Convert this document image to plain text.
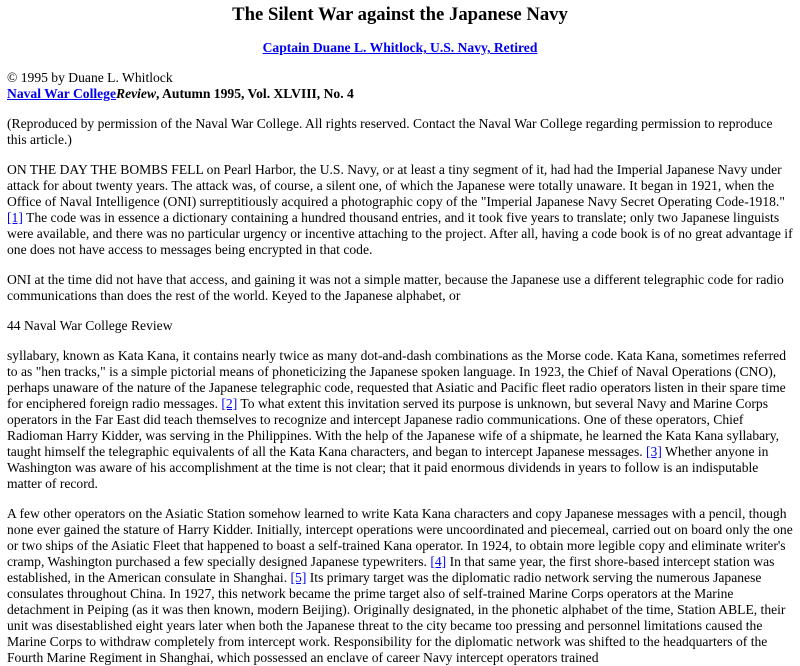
The Silent War against the Japanese Navy
Captain Duane L. Whitlock, U.S. Navy, Retired
© 1995 by Duane L. Whitlock
Naval War CollegeReview, Autumn 1995, Vol. XLVIII, No. 4

(Reproduced by permission of the Naval War College. All rights reserved. Contact the Naval War College regarding permission to reproduce this article.)

ON THE DAY THE BOMBS FELL on Pearl Harbor, the U.S. Navy, or at least a tiny segment of it, had had the Imperial Japanese Navy under attack for about twenty years. The attack was, of course, a silent one, of which the Japanese were totally unaware. It began in 1921, when the Office of Naval Intelligence (ONI) surreptitiously acquired a photographic copy of the "Imperial Japanese Navy Secret Operating Code-1918." [1] The code was in essence a dictionary containing a hundred thousand entries, and it took five years to translate; only two Japanese linguists were available, and there was no particular urgency or incentive attaching to the project. After all, having a code book is of no great advantage if one does not have access to messages being encrypted in that code.

ONI at the time did not have that access, and gaining it was not a simple matter, because the Japanese use a different telegraphic code for radio communications than does the rest of the world. Keyed to the Japanese alphabet, or

44 Naval War College Review

syllabary, known as Kata Kana, it contains nearly twice as many dot-and-dash combinations as the Morse code. Kata Kana, sometimes referred to as "hen tracks," is a simple pictorial means of phoneticizing the Japanese spoken language. In 1923, the Chief of Naval Operations (CNO), perhaps unaware of the nature of the Japanese telegraphic code, requested that Asiatic and Pacific fleet radio operators listen in their spare time for enciphered foreign radio messages. [2] To what extent this invitation served its purpose is unknown, but several Navy and Marine Corps operators in the Far East did teach themselves to recognize and intercept Japanese radio communications. One of these operators, Chief Radioman Harry Kidder, was serving in the Philippines. With the help of the Japanese wife of a shipmate, he learned the Kata Kana syllabary, taught himself the telegraphic equivalents of all the Kata Kana characters, and began to intercept Japanese messages. [3] Whether anyone in Washington was aware of his accomplishment at the time is not clear; that it paid enormous dividends in years to follow is an indisputable matter of record.

A few other operators on the Asiatic Station somehow learned to write Kata Kana characters and copy Japanese messages with a pencil, though none ever gained the stature of Harry Kidder. Initially, intercept operations were uncoordinated and piecemeal, carried out on board only the one or two ships of the Asiatic Fleet that happened to boast a self-trained Kana operator. In 1924, to obtain more legible copy and eliminate writer's cramp, Washington purchased a few specially designed Japanese typewriters. [4] In that same year, the first shore-based intercept station was established, in the American consulate in Shanghai. [5] Its primary target was the diplomatic radio network serving the numerous Japanese consulates throughout China. In 1927, this network became the prime target also of self-trained Marine Corps operators at the Marine detachment in Peiping (as it was then known, modern Beijing). Originally designated, in the phonetic alphabet of the time, Station ABLE, their unit was disestablished eight years later when both the Japanese threat to the city became too pressing and personnel limitations caused the Marine Corps to withdraw completely from intercept work. Responsibility for the diplomatic network was shifted to the headquarters of the Fourth Marine Regiment in Shanghai, which possessed an enclave of career Navy intercept operators trained
